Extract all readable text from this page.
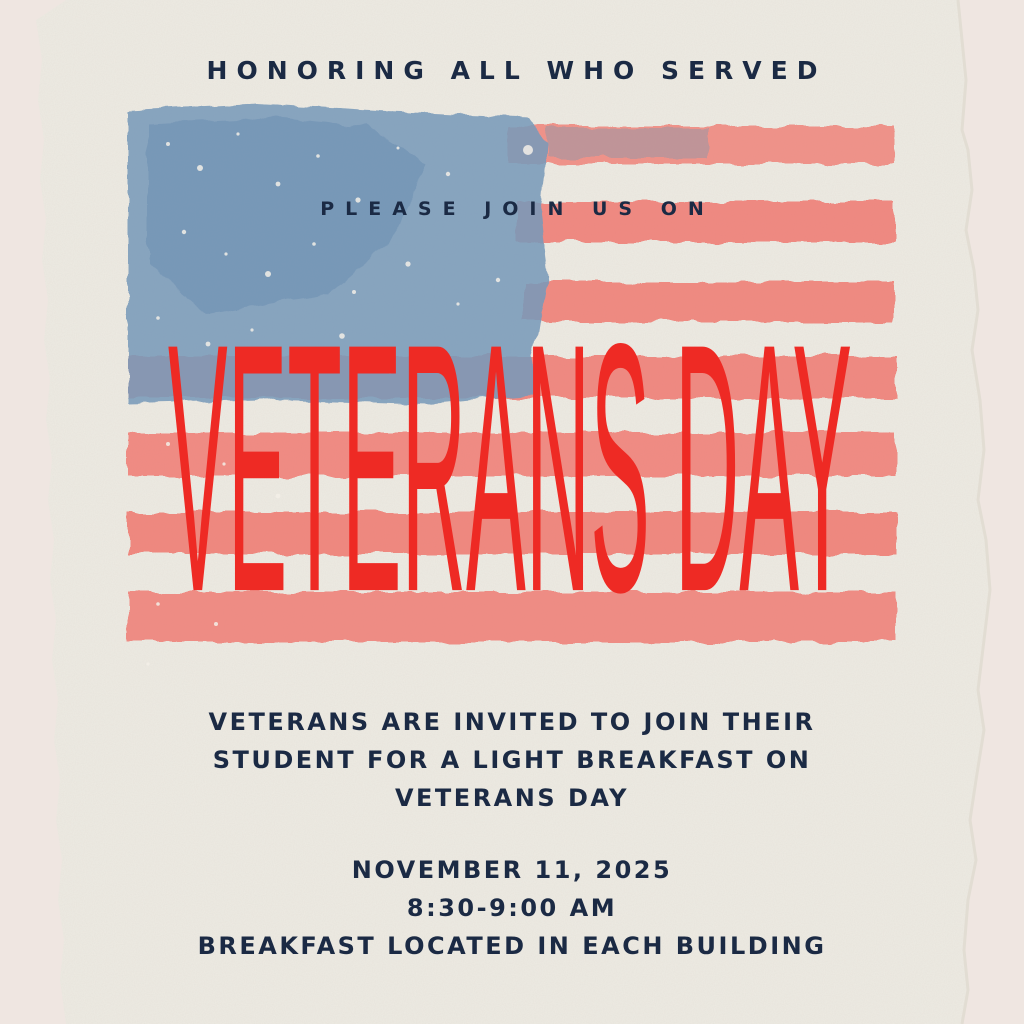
HONORING ALL WHO SERVED
PLEASE JOIN US ON
VETERANS DAY
VETERANS ARE INVITED TO JOIN THEIR
STUDENT FOR A LIGHT BREAKFAST ON
VETERANS DAY
NOVEMBER 11, 2025
8:30-9:00 AM
BREAKFAST LOCATED IN EACH BUILDING
